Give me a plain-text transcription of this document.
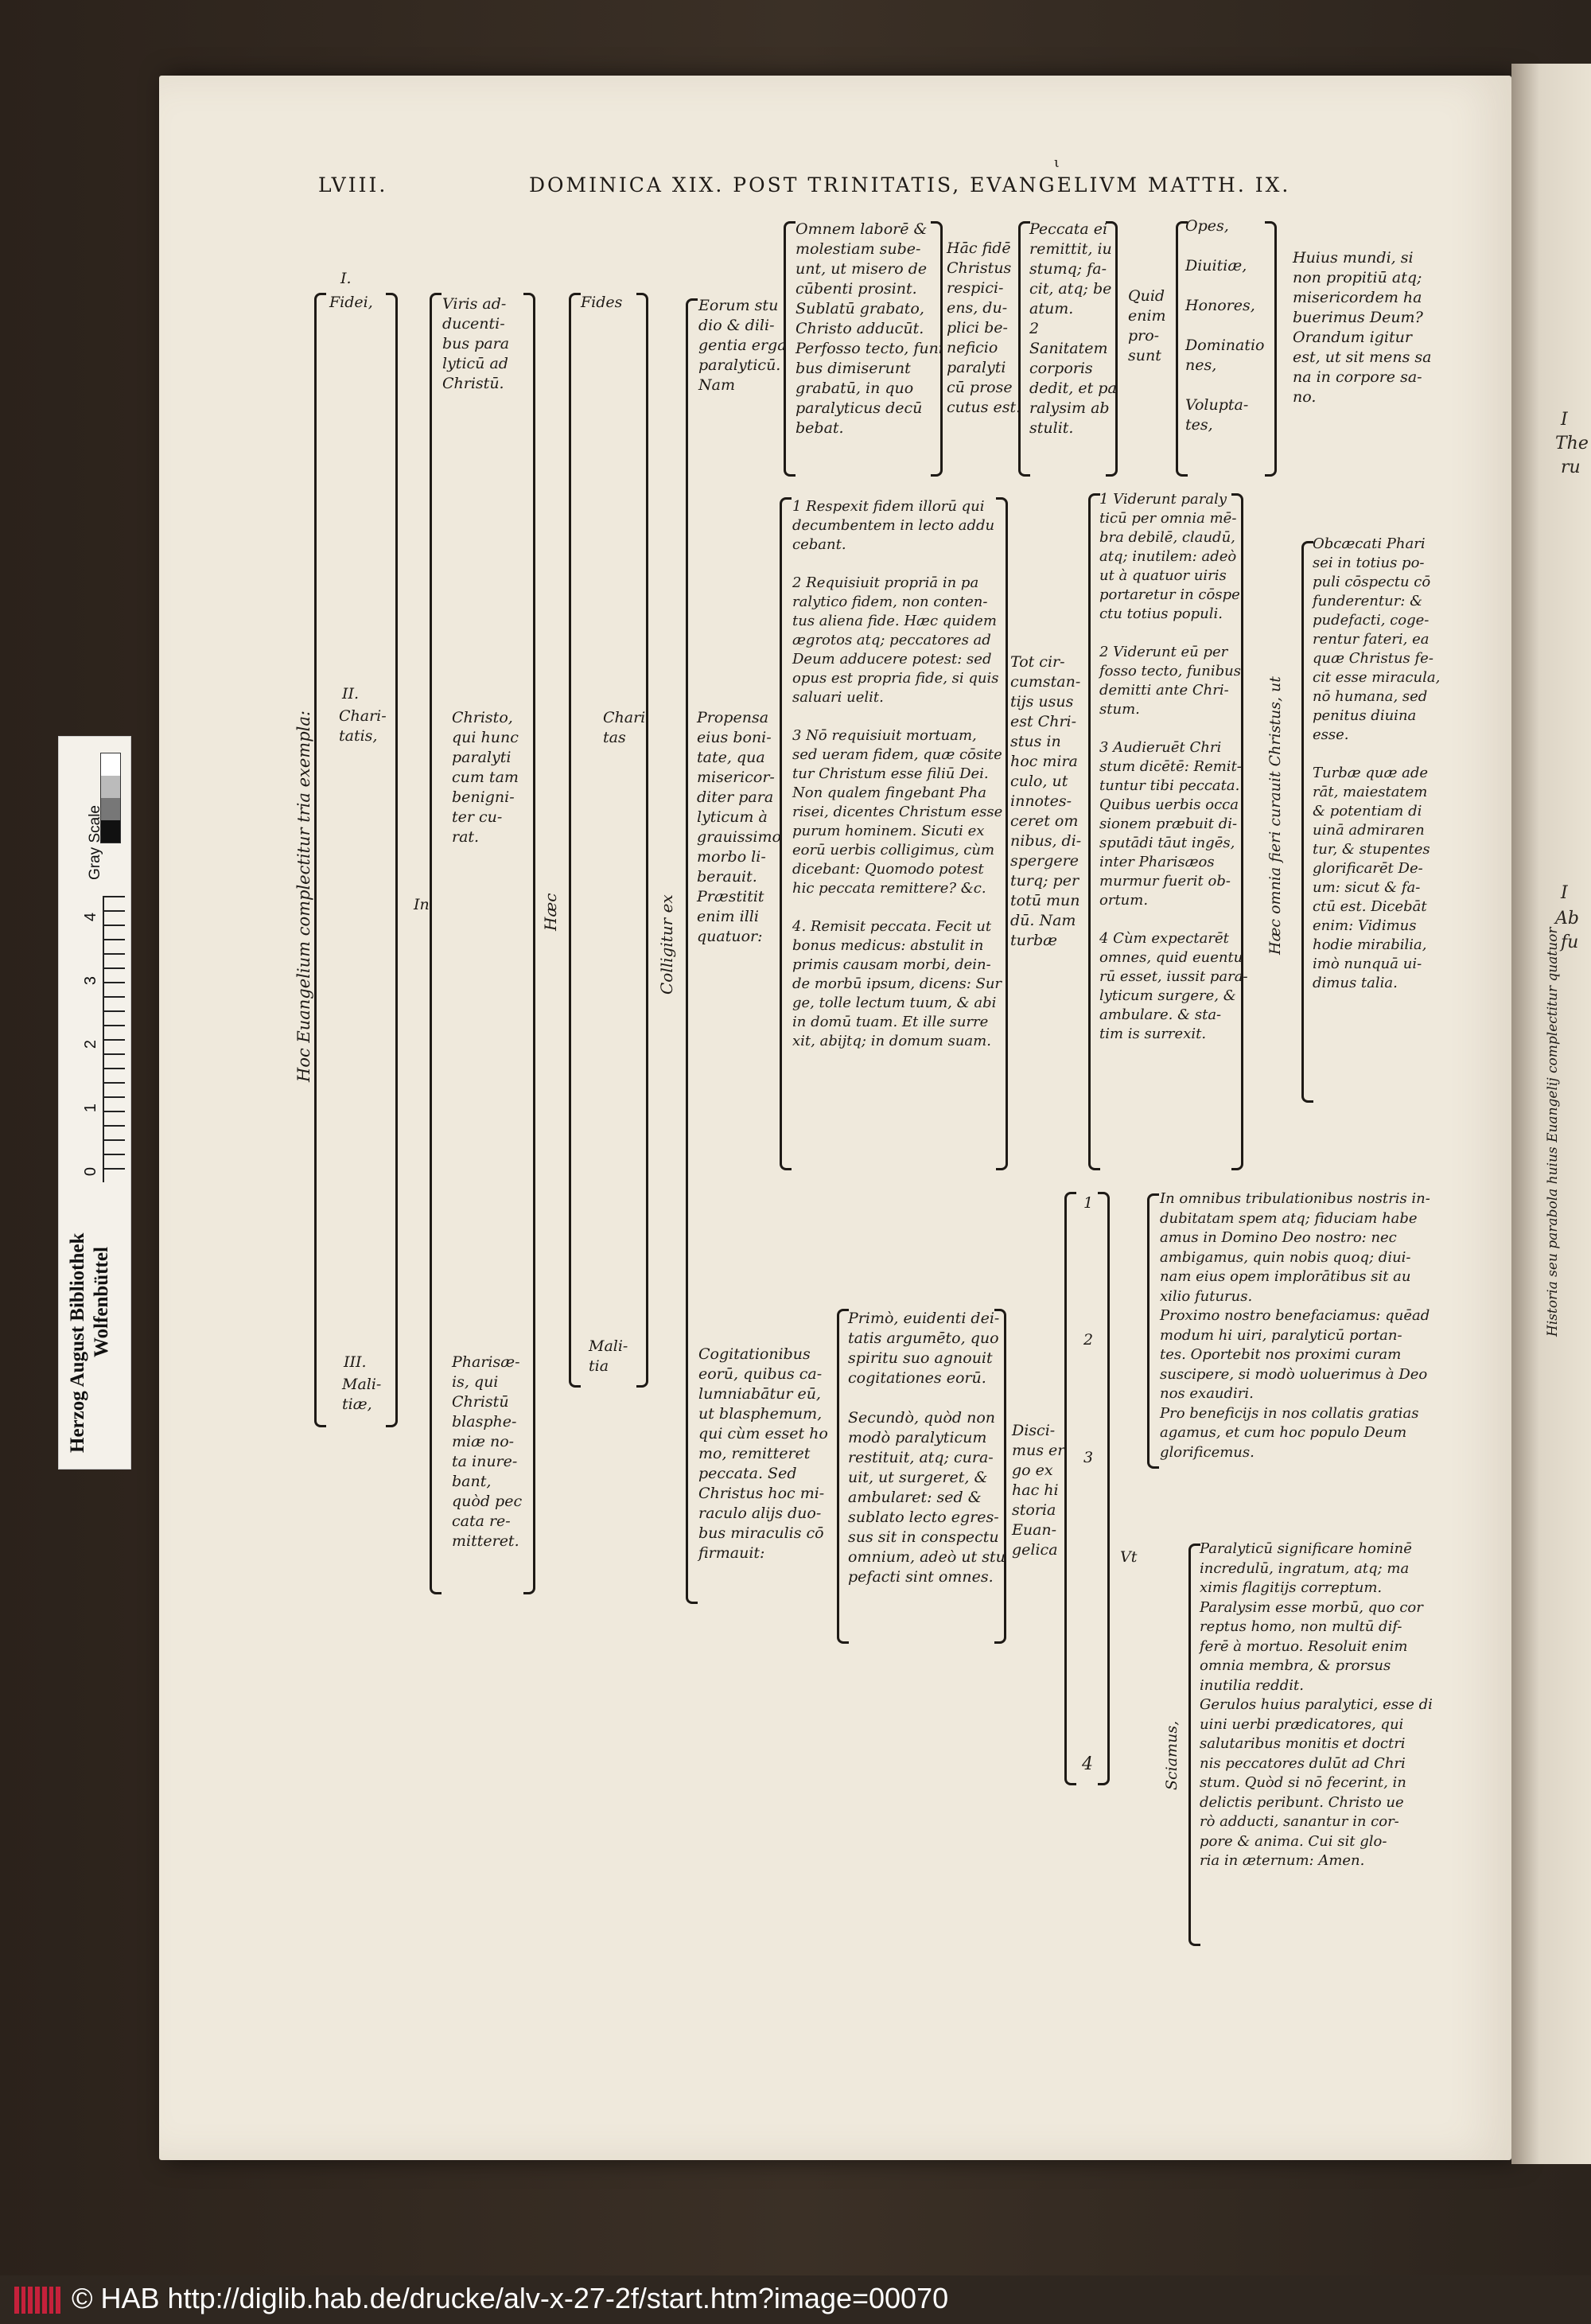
I
The
ru
I
Ab
fu
Historia seu parabola huius Euangelij complectitur quatuor
LVIII.	DOMINICA XIX. POST TRINITATIS, EVANGELIVM MATTH. IX.
ι
Hoc Euangelium complectitur tria exempla:
I.
Fidei,
II.
Chari-
tatis,
III.
Mali-
tiæ,
In
Viris ad-
ducenti-
bus para
lyticū ad
Christū.
Christo,
qui hunc
paralyti
cum tam
benigni-
ter cu-
rat.
Pharisæ-
is, qui
Christū
blasphe-
miæ no-
ta inure-
bant,
quòd pec
cata re-
mitteret.
Hæc
Fides
Chari
tas
Mali-
tia
Colligitur ex
Eorum stu
dio & dili-
gentia erga
paralyticū.
Nam
Propensa
eius boni-
tate, qua
misericor-
diter para
lyticum à
grauissimo
morbo li-
berauit.
Præstitit
enim illi
quatuor:
Cogitationibus
eorū, quibus ca-
lumniabātur eū,
ut blasphemum,
qui cùm esset ho
mo, remitteret
peccata. Sed
Christus hoc mi-
raculo alijs duo-
bus miraculis cō
firmauit:
Omnem laborē &
molestiam sube-
unt, ut misero de
cūbenti prosint.
Sublatū grabato,
Christo adducūt.
Perfosso tecto, funi
bus dimiserunt
grabatū, in quo
paralyticus decū
bebat.
Hāc fidē
Christus
respici-
ens, du-
plici be-
neficio
paralyti
cū prose
cutus est.
Peccata ei
remittit, iu
stumq; fa-
cit, atq; be
atum.
2
Sanitatem
corporis
dedit, et pa
ralysim ab
stulit.
Quid
enim
pro-
sunt
Opes,

Diuitiæ,

Honores,

Dominatio
nes,

Volupta-
tes,
Huius mundi, si
non propitiū atq;
misericordem ha
buerimus Deum?
Orandum igitur
est, ut sit mens sa
na in corpore sa-
no.
1 Respexit fidem illorū qui
decumbentem in lecto addu
cebant.

2 Requisiuit propriā in pa
ralytico fidem, non conten-
tus aliena fide. Hæc quidem
ægrotos atq; peccatores ad
Deum adducere potest: sed
opus est propria fide, si quis
saluari uelit.

3 Nō requisiuit mortuam,
sed ueram fidem, quæ cōsite
tur Christum esse filiū Dei.
Non qualem fingebant Pha
risei, dicentes Christum esse
purum hominem. Sicuti ex
eorū uerbis colligimus, cùm
dicebant: Quomodo potest
hic peccata remittere? &c.

4. Remisit peccata. Fecit ut
bonus medicus: abstulit in
primis causam morbi, dein-
de morbū ipsum, dicens: Sur
ge, tolle lectum tuum, & abi
in domū tuam. Et ille surre
xit, abijtq; in domum suam.
Tot cir-
cumstan-
tijs usus
est Chri-
stus in
hoc mira
culo, ut
innotes-
ceret om
nibus, di-
spergere
turq; per
totū mun
dū. Nam
turbæ
1 Viderunt paraly
ticū per omnia mē-
bra debilē, claudū,
atq; inutilem: adeò
ut à quatuor uiris
portaretur in cōspe
ctu totius populi.

2 Viderunt eū per
fosso tecto, funibus
demitti ante Chri-
stum.

3 Audieruēt Chri
stum dicētē: Remit-
tuntur tibi peccata.
Quibus uerbis occa
sionem præbuit di-
sputādi tāut ingēs,
inter Pharisæos
murmur fuerit ob-
ortum.

4 Cùm expectarēt
omnes, quid euentu
rū esset, iussit para-
lyticum surgere, &
ambulare. & sta-
tim is surrexit.
Hæc omnia fieri curauit Christus, ut
Obcæcati Phari
sei in totius po-
puli cōspectu cō
funderentur: &
pudefacti, coge-
rentur fateri, ea
quæ Christus fe-
cit esse miracula,
nō humana, sed
penitus diuina
esse.

Turbæ quæ ade
rāt, maiestatem
& potentiam di
uinā admiraren
tur, & stupentes
glorificarēt De-
um: sicut & fa-
ctū est. Dicebāt
enim: Vidimus
hodie mirabilia,
imò nunquā ui-
dimus talia.
Primò, euidenti dei-
tatis argumēto, quo
spiritu suo agnouit
cogitationes eorū.

Secundò, quòd non
modò paralyticum
restituit, atq; cura-
uit, ut surgeret, &
ambularet: sed &
sublato lecto egres-
sus sit in conspectu
omnium, adeò ut stu
pefacti sint omnes.
Disci-
mus er
go ex
hac hi
storia
Euan-
gelica
1
2
3
4
Vt
Sciamus,
In omnibus tribulationibus nostris in-
dubitatam spem atq; fiduciam habe
amus in Domino Deo nostro: nec
ambigamus, quin nobis quoq; diui-
nam eius opem implorātibus sit au
xilio futurus.
Proximo nostro benefaciamus: quēad
modum hi uiri, paralyticū portan-
tes. Oportebit nos proximi curam
suscipere, si modò uoluerimus à Deo
nos exaudiri.
Pro beneficijs in nos collatis gratias
agamus, et cum hoc populo Deum
glorificemus.
Paralyticū significare hominē
incredulū, ingratum, atq; ma
ximis flagitijs correptum.
Paralysim esse morbū, quo cor
reptus homo, non multū dif-
ferē à mortuo. Resoluit enim
omnia membra, & prorsus
inutilia reddit.
Gerulos huius paralytici, esse di
uini uerbi prædicatores, qui
salutaribus monitis et doctri
nis peccatores dulūt ad Chri
stum. Quòd si nō fecerint, in
delictis peribunt. Christo ue
rò adducti, sanantur in cor-
pore & anima. Cui sit glo-
ria in æternum: Amen.
Gray Scale
0
1
2
3
4
Herzog August Bibliothek Wolfenbüttel
© HAB http://diglib.hab.de/drucke/alv-x-27-2f/start.htm?image=00070
